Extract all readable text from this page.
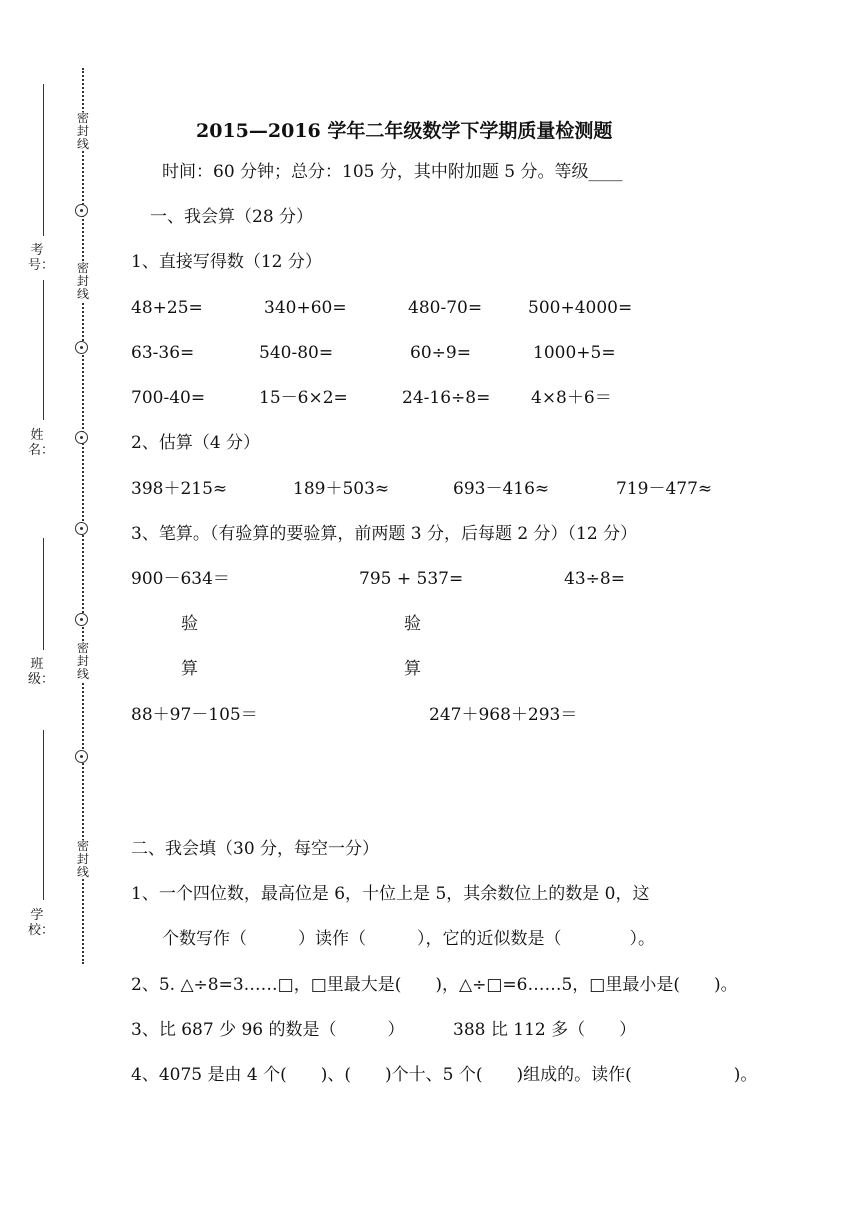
密封线
密封线
密封线
密封线
考号：
姓名：
班级：
学校：
2015—2016 学年二年级数学下学期质量检测题
时间：60 分钟；总分：105 分，其中附加题 5 分。等级____
一、我会算（28 分）
1、直接写得数（12 分）
48+25=	340+60=	480-70=	500+4000=
63-36=	540-80=	60÷9=	1000+5=
700-40=	15－6×2=	24-16÷8= 4×8＋6＝
2、估算（4 分）
398＋215≈	189＋503≈	693－416≈	719－477≈
3、笔算。（有验算的要验算，前两题 3 分，后每题 2 分）（12 分）
900－634＝	795 + 537=	43÷8=
验	验
算	算
88＋97－105＝	247＋968＋293＝
二、我会填（30 分，每空一分）
1、一个四位数，最高位是 6，十位上是 5，其余数位上的数是 0，这
个数写作（　　　）读作（　　　），它的近似数是（　　　　）。
2、5. △÷8=3……□，□里最大是(　　)，△÷□=6……5，□里最小是(　　)。
3、比 687 少 96 的数是（　　　）	388 比 112 多（　　）
4、4075 是由 4 个(　　)、(　　)个十、5 个(　　)组成的。读作(　　　　　　)。
